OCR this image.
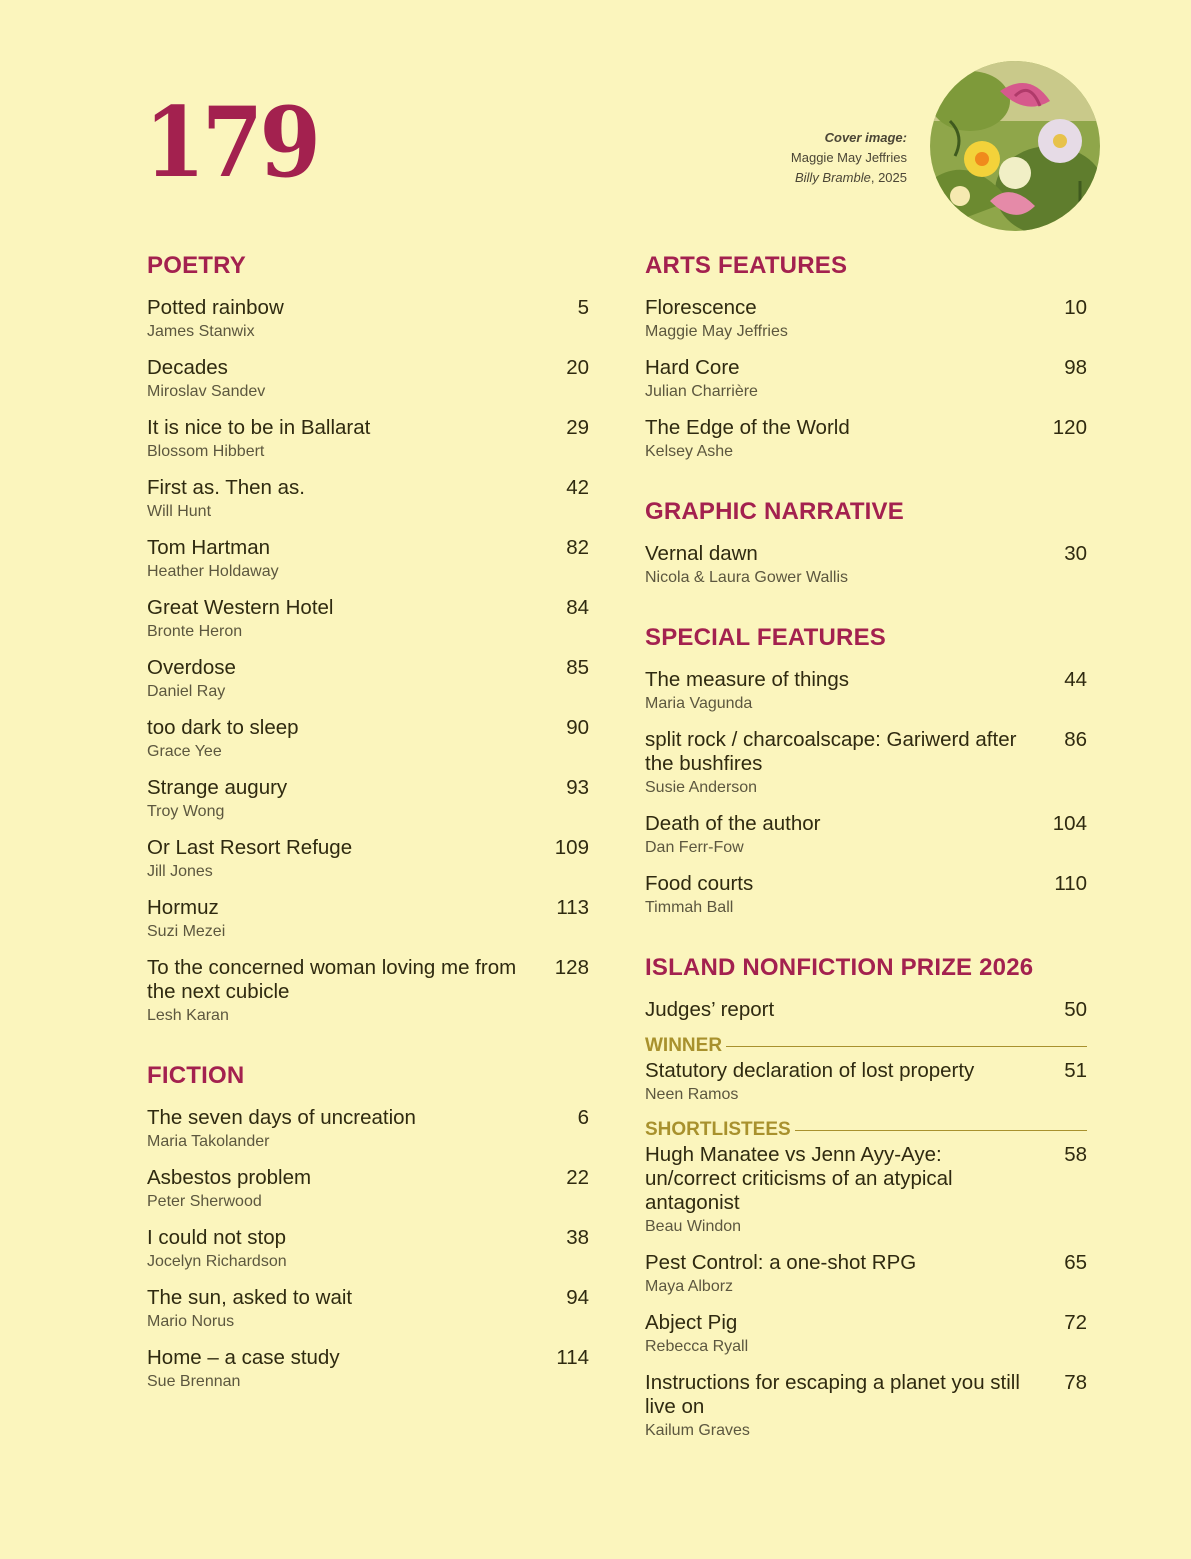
179	Cover image:
Maggie May Jeffries
Billy Bramble, 2025
POETRY
Potted rainbow
James Stanwix
5
Decades
Miroslav Sandev
20
It is nice to be in Ballarat
Blossom Hibbert
29
First as. Then as.
Will Hunt
42
Tom Hartman
Heather Holdaway
82
Great Western Hotel
Bronte Heron
84
Overdose
Daniel Ray
85
too dark to sleep
Grace Yee
90
Strange augury
Troy Wong
93
Or Last Resort Refuge
Jill Jones
109
Hormuz
Suzi Mezei
113
To the concerned woman loving me from the next cubicle
Lesh Karan
128
FICTION
The seven days of uncreation
Maria Takolander
6
Asbestos problem
Peter Sherwood
22
I could not stop
Jocelyn Richardson
38
The sun, asked to wait
Mario Norus
94
Home – a case study
Sue Brennan
114
ARTS FEATURES
Florescence
Maggie May Jeffries
10
Hard Core
Julian Charrière
98
The Edge of the World
Kelsey Ashe
120
GRAPHIC NARRATIVE
Vernal dawn
Nicola & Laura Gower Wallis
30
SPECIAL FEATURES
The measure of things
Maria Vagunda
44
split rock / charcoalscape: Gariwerd after the bushfires
Susie Anderson
86
Death of the author
Dan Ferr-Fow
104
Food courts
Timmah Ball
110
ISLAND NONFICTION PRIZE 2026
Judges’ report	50
WINNER
Statutory declaration of lost property
Neen Ramos
51
SHORTLISTEES
Hugh Manatee vs Jenn Ayy-Aye:
un/correct criticisms of an atypical antagonist
Beau Windon
58
Pest Control: a one-shot RPG
Maya Alborz
65
Abject Pig
Rebecca Ryall
72
Instructions for escaping a planet you still live on
Kailum Graves
78
